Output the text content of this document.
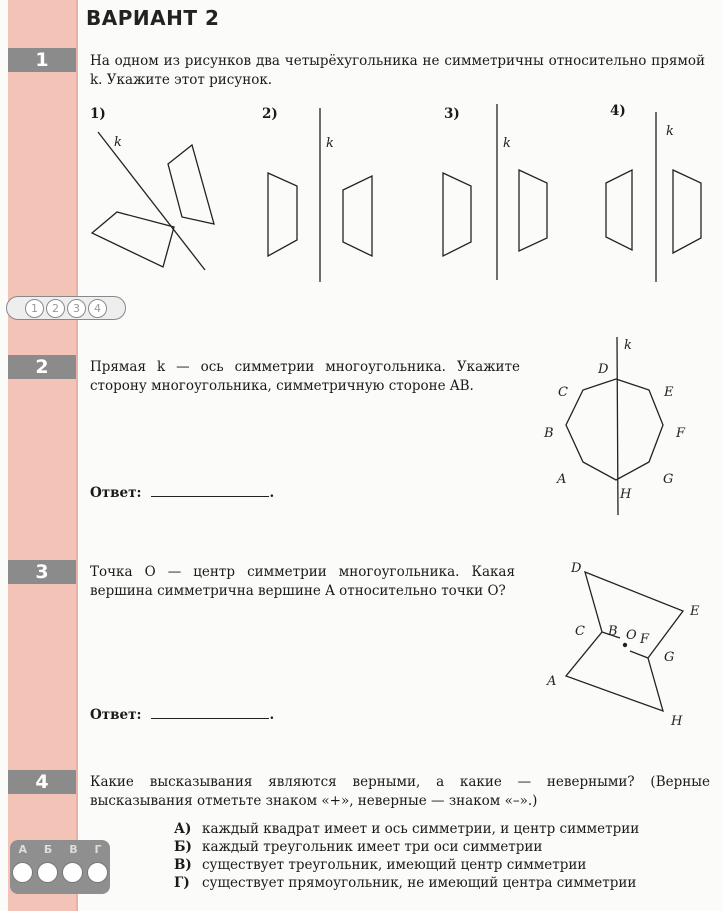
ВАРИАНТ 2
1	На одном из рисунков два четырёхугольника не симметричны относительно прямой k. Укажите этот рисунок.
1)	2)	3)	4)
k	k	k
k
1	2	3	4
2	Прямая k — ось симметрии многоугольника. Укажите сторону многоугольника, симметричную стороне AB.
Ответ:	.
k
D
C	E
B	F
A	G
H
3	Точка O — центр симметрии многоугольника. Какая вершина симметрична вершине A относительно точки O?
Ответ:	.
D
E
C B O F
G
A
H
4	Какие высказывания являются верными, а какие — неверными? (Верные высказывания отметьте знаком «+», неверные — знаком «–».)
А) каждый квадрат имеет и ось симметрии, и центр симметрии
Б) каждый треугольник имеет три оси симметрии
В) существует треугольник, имеющий центр симметрии
Г) существует прямоугольник, не имеющий центра симметрии
А Б В Г
